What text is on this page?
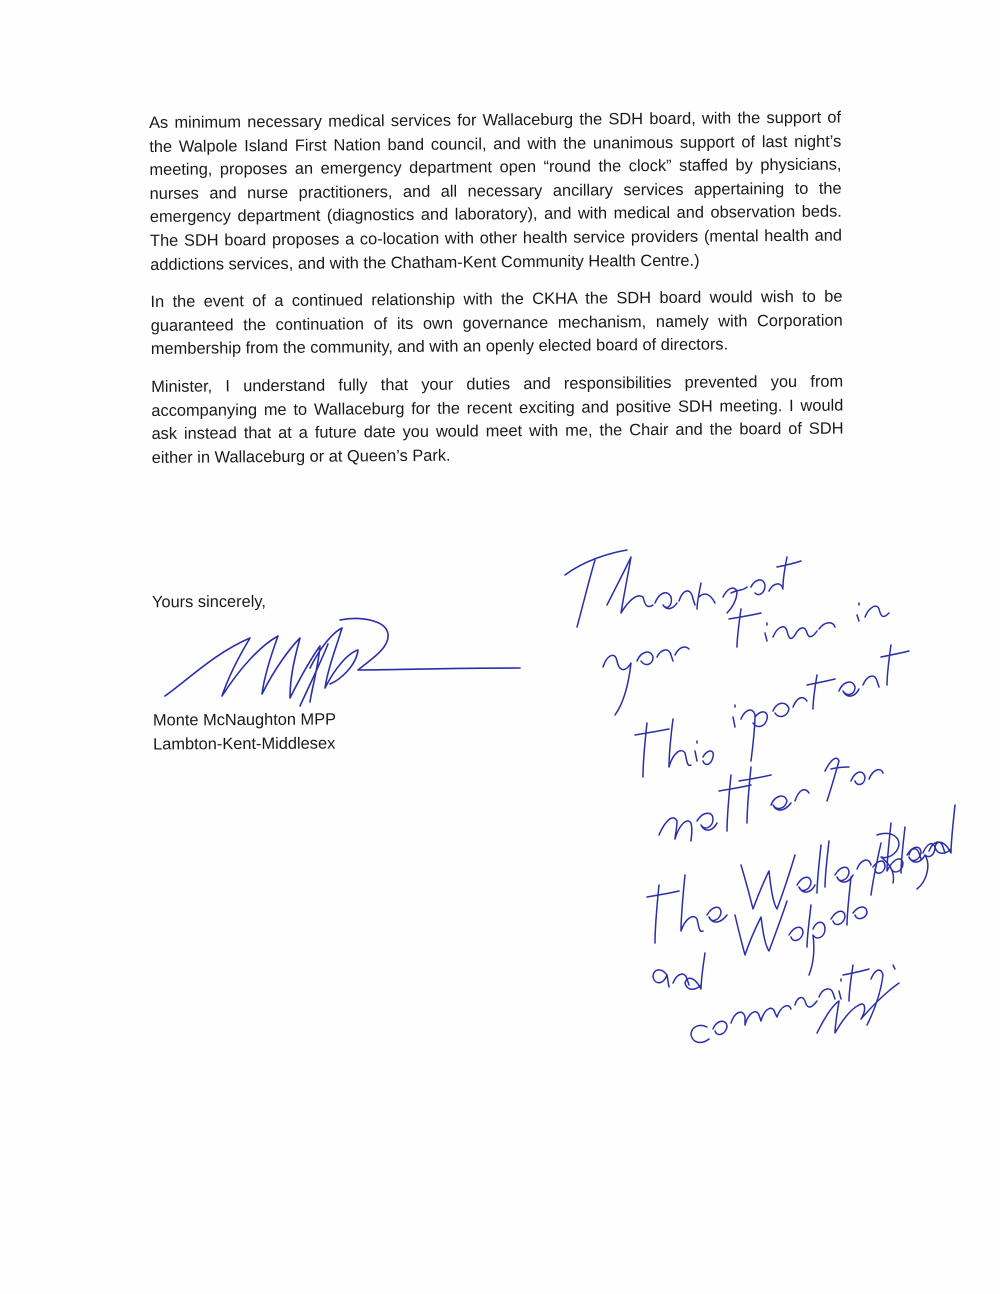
As minimum necessary medical services for Wallaceburg the SDH board, with the support of the Walpole Island First Nation band council, and with the unanimous support of last night’s meeting, proposes an emergency department open “round the clock” staffed by physicians, nurses and nurse practitioners, and all necessary ancillary services appertaining to the emergency department (diagnostics and laboratory), and with medical and observation beds. The SDH board proposes a co-location with other health service providers (mental health and addictions services, and with the Chatham-Kent Community Health Centre.)

In the event of a continued relationship with the CKHA the SDH board would wish to be guaranteed the continuation of its own governance mechanism, namely with Corporation membership from the community, and with an openly elected board of directors.

Minister, I understand fully that your duties and responsibilities prevented you from accompanying me to Wallaceburg for the recent exciting and positive SDH meeting. I would ask instead that at a future date you would meet with me, the Chair and the board of SDH either in Wallaceburg or at Queen’s Park.

Yours sincerely,
Monte McNaughton MPP
Lambton-Kent-Middlesex
